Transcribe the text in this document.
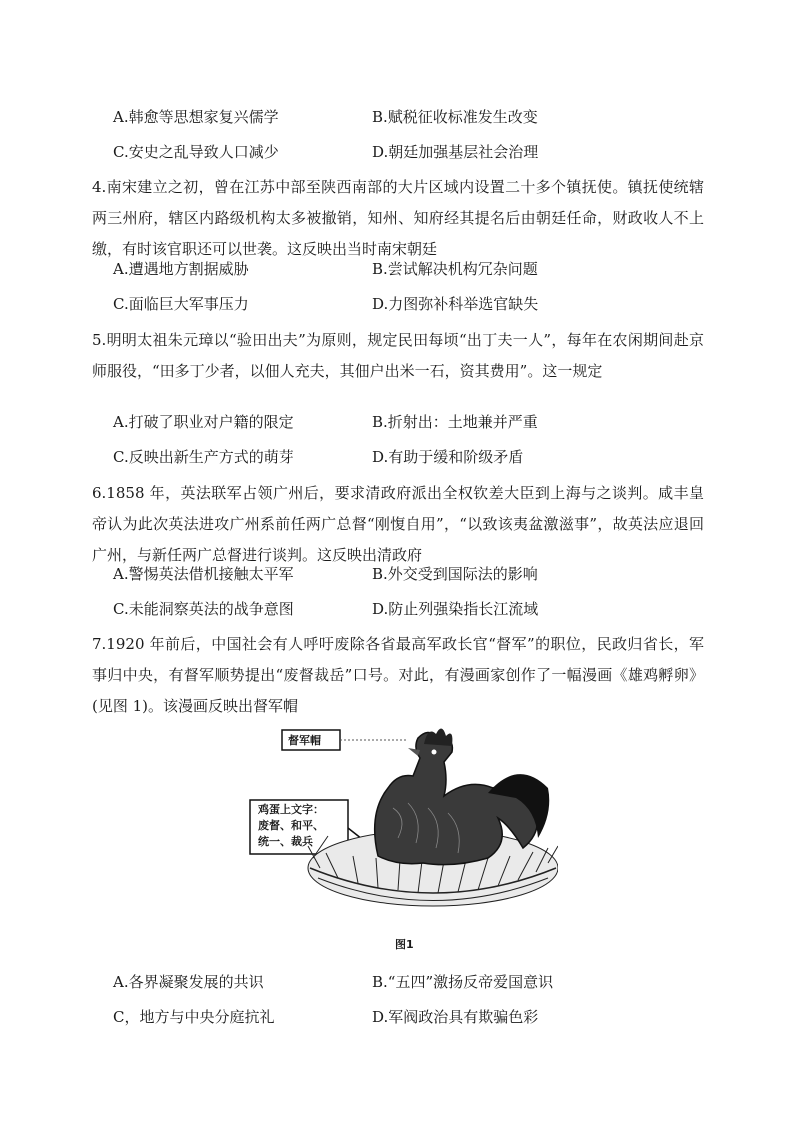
A.韩愈等思想家复兴儒学	B.赋税征收标准发生改变
C.安史之乱导致人口减少	D.朝廷加强基层社会治理
4.南宋建立之初，曾在江苏中部至陕西南部的大片区域内设置二十多个镇抚使。镇抚使统辖两三州府，辖区内路级机构太多被撤销，知州、知府经其提名后由朝廷任命，财政收人不上缴，有时该官职还可以世袭。这反映出当时南宋朝廷
A.遭遇地方割据威胁	B.尝试解决机构冗杂问题
C.面临巨大军事压力	D.力图弥补科举选官缺失
5.明明太祖朱元璋以“验田出夫”为原则，规定民田每顷“出丁夫一人”，每年在农闲期间赴京师服役，“田多丁少者，以佃人充夫，其佃户出米一石，资其费用”。这一规定
A.打破了职业对户籍的限定	B.折射出：土地兼并严重
C.反映出新生产方式的萌芽	D.有助于缓和阶级矛盾
6.1858 年，英法联军占领广州后，要求清政府派出全权钦差大臣到上海与之谈判。咸丰皇帝认为此次英法进攻广州系前任两广总督“刚愎自用”，“以致该夷盆激滋事”，故英法应退回广州，与新任两广总督进行谈判。这反映出清政府
A.警惕英法借机接触太平军	B.外交受到国际法的影响
C.未能洞察英法的战争意图	D.防止列强染指长江流域
7.1920 年前后，中国社会有人呼吁废除各省最高军政长官“督军”的职位，民政归省长，军事归中央，有督军顺势提出“废督裁岳”口号。对此，有漫画家创作了一幅漫画《雄鸡孵卵》(见图 1)。该漫画反映出督军帽
督军帽
鸡蛋上文字：
废督、和平、
统一、裁兵
图1
A.各界凝聚发展的共识	B.“五四”激扬反帝爱国意识
C，地方与中央分庭抗礼	D.军阀政治具有欺骗色彩
